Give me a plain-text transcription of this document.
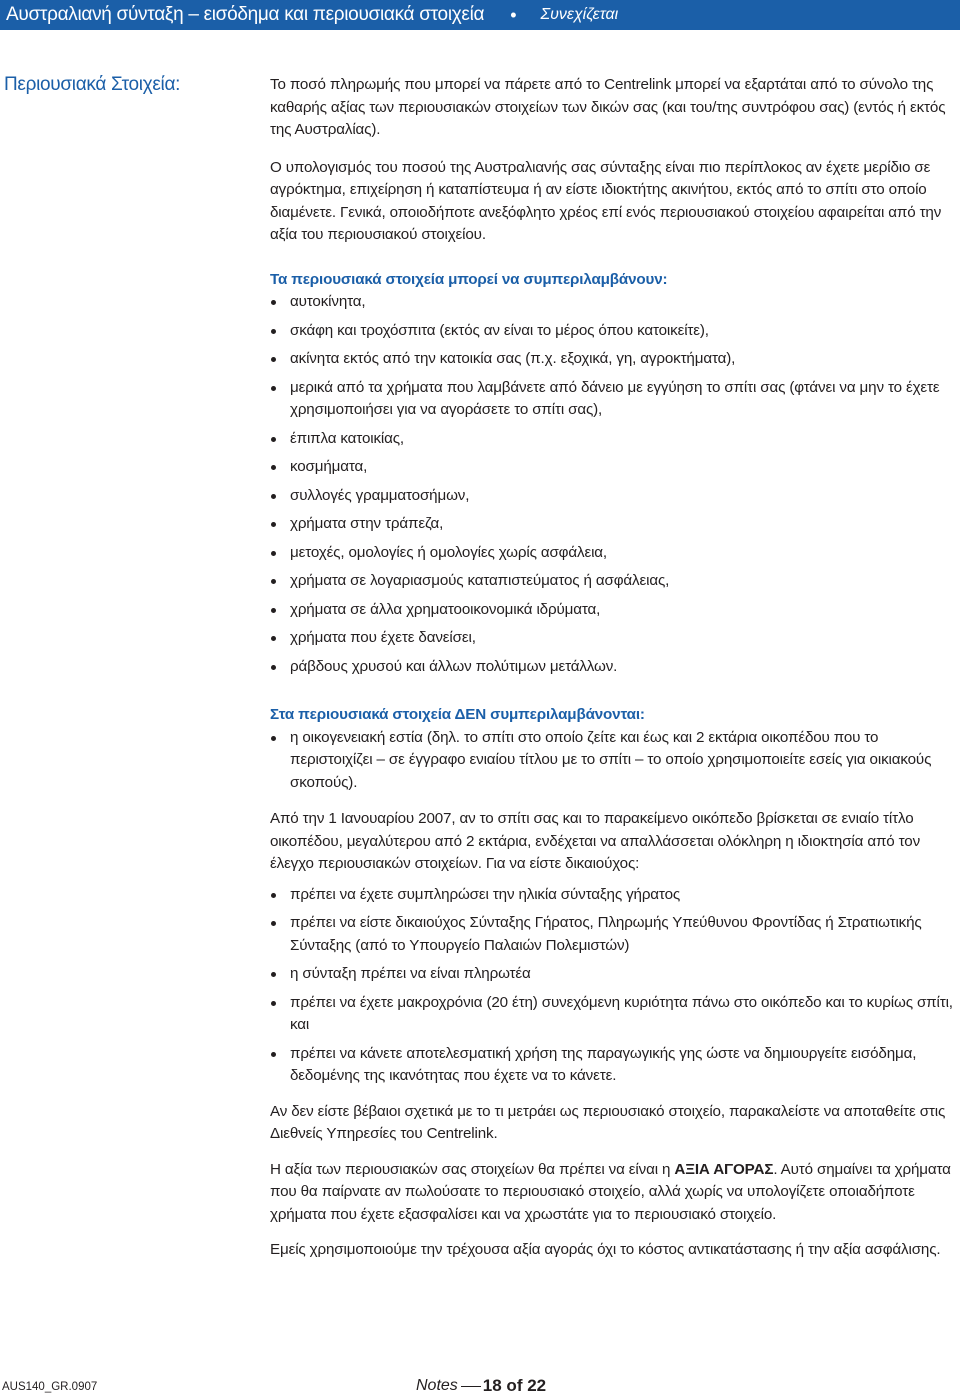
Αυστραλιανή σύνταξη – εισόδημα και περιουσιακά στοιχεία • Συνεχίζεται
Περιουσιακά Στοιχεία:	Το ποσό πληρωμής που μπορεί να πάρετε από το Centrelink μπορεί να εξαρτάται από το σύνολο της καθαρής αξίας των περιουσιακών στοιχείων των δικών σας (και του/της συντρόφου σας) (εντός ή εκτός της Αυστραλίας).

Ο υπολογισμός του ποσού της Αυστραλιανής σας σύνταξης είναι πιο περίπλοκος αν έχετε μερίδιο σε αγρόκτημα, επιχείρηση ή καταπίστευμα ή αν είστε ιδιοκτήτης ακινήτου, εκτός από το σπίτι στο οποίο διαμένετε. Γενικά, οποιοδήποτε ανεξόφλητο χρέος επί ενός περιουσιακού στοιχείου αφαιρείται από την αξία του περιουσιακού στοιχείου.

Τα περιουσιακά στοιχεία μπορεί να συμπεριλαμβάνουν:

αυτοκίνητα,
σκάφη και τροχόσπιτα (εκτός αν είναι το μέρος όπου κατοικείτε),
ακίνητα εκτός από την κατοικία σας (π.χ. εξοχικά, γη, αγροκτήματα),
μερικά από τα χρήματα που λαμβάνετε από δάνειο με εγγύηση το σπίτι σας (φτάνει να μην το έχετε χρησιμοποιήσει για να αγοράσετε το σπίτι σας),
έπιπλα κατοικίας,
κοσμήματα,
συλλογές γραμματοσήμων,
χρήματα στην τράπεζα,
μετοχές, ομολογίες ή ομολογίες χωρίς ασφάλεια,
χρήματα σε λογαριασμούς καταπιστεύματος ή ασφάλειας,
χρήματα σε άλλα χρηματοοικονομικά ιδρύματα,
χρήματα που έχετε δανείσει,
ράβδους χρυσού και άλλων πολύτιμων μετάλλων.

Στα περιουσιακά στοιχεία ΔΕΝ συμπεριλαμβάνονται:

η οικογενειακή εστία (δηλ. το σπίτι στο οποίο ζείτε και έως και 2 εκτάρια οικοπέδου που το περιστοιχίζει – σε έγγραφο ενιαίου τίτλου με το σπίτι – το οποίο χρησιμοποιείτε εσείς για οικιακούς σκοπούς).

Από την 1 Ιανουαρίου 2007, αν το σπίτι σας και το παρακείμενο οικόπεδο βρίσκεται σε ενιαίο τίτλο οικοπέδου, μεγαλύτερου από 2 εκτάρια, ενδέχεται να απαλλάσσεται ολόκληρη η ιδιοκτησία από τον έλεγχο περιουσιακών στοιχείων. Για να είστε δικαιούχος:

πρέπει να έχετε συμπληρώσει την ηλικία σύνταξης γήρατος
πρέπει να είστε δικαιούχος Σύνταξης Γήρατος, Πληρωμής Υπεύθυνου Φροντίδας ή Στρατιωτικής Σύνταξης (από το Υπουργείο Παλαιών Πολεμιστών)
η σύνταξη πρέπει να είναι πληρωτέα
πρέπει να έχετε μακροχρόνια (20 έτη) συνεχόμενη κυριότητα πάνω στο οικόπεδο και το κυρίως σπίτι, και
πρέπει να κάνετε αποτελεσματική χρήση της παραγωγικής γης ώστε να δημιουργείτε εισόδημα, δεδομένης της ικανότητας που έχετε να το κάνετε.

Αν δεν είστε βέβαιοι σχετικά με το τι μετράει ως περιουσιακό στοιχείο, παρακαλείστε να αποταθείτε στις Διεθνείς Υπηρεσίες του Centrelink.

Η αξία των περιουσιακών σας στοιχείων θα πρέπει να είναι η ΑΞΙΑ ΑΓΟΡΑΣ. Αυτό σημαίνει τα χρήματα που θα παίρνατε αν πωλούσατε το περιουσιακό στοιχείο, αλλά χωρίς να υπολογίζετε οποιαδήποτε χρήματα που έχετε εξασφαλίσει και να χρωστάτε για το περιουσιακό στοιχείο.

Εμείς χρησιμοποιούμε την τρέχουσα αξία αγοράς όχι το κόστος αντικατάστασης ή την αξία ασφάλισης.

AUS140_GR.0907	Notes 18 of 22
